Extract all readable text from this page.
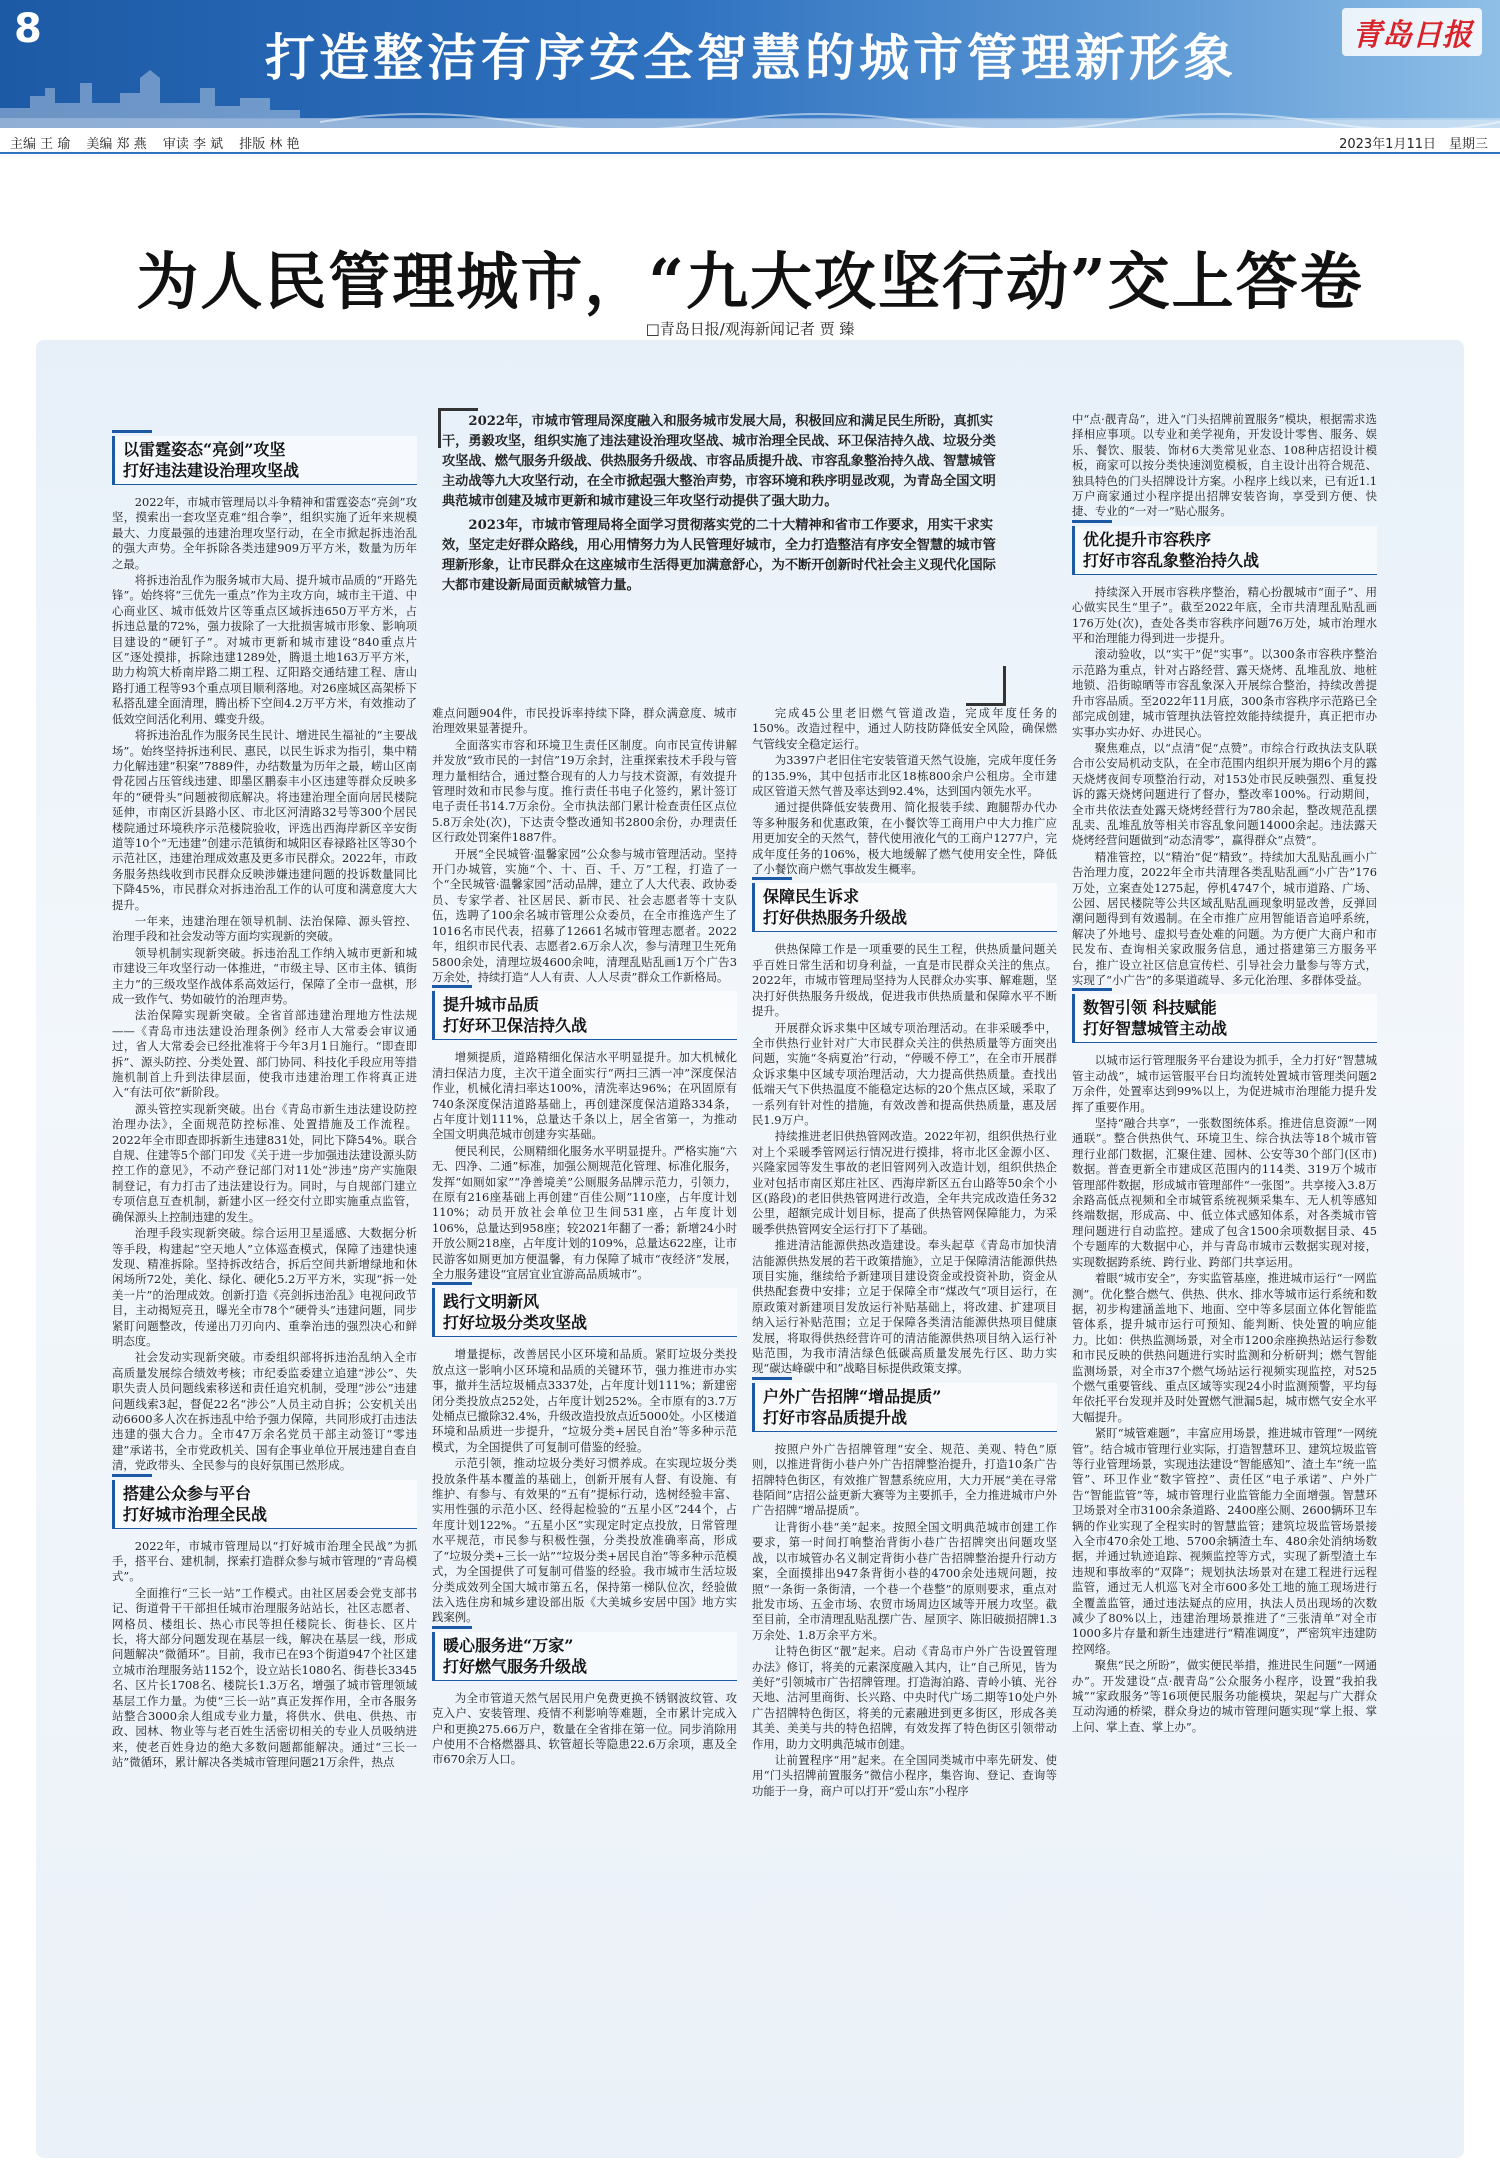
8	打造整洁有序安全智慧的城市管理新形象	青岛日报
主编 王 瑜 美编 郑 燕 审读 李 斌 排版 林 艳	2023年1月11日　星期三
为人民管理城市，“九大攻坚行动”交上答卷
□青岛日报/观海新闻记者 贾 臻

2022年，市城市管理局深度融入和服务城市发展大局，积极回应和满足民生所盼，真抓实干，勇毅攻坚，组织实施了违法建设治理攻坚战、城市治理全民战、环卫保洁持久战、垃圾分类攻坚战、燃气服务升级战、供热服务升级战、市容品质提升战、市容乱象整治持久战、智慧城管主动战等九大攻坚行动，在全市掀起强大整治声势，市容环境和秩序明显改观，为青岛全国文明典范城市创建及城市更新和城市建设三年攻坚行动提供了强大助力。

2023年，市城市管理局将全面学习贯彻落实党的二十大精神和省市工作要求，用实干求实效，坚定走好群众路线，用心用情努力为人民管理好城市，全力打造整洁有序安全智慧的城市管理新形象，让市民群众在这座城市生活得更加满意舒心，为不断开创新时代社会主义现代化国际大都市建设新局面贡献城管力量。

以雷霆姿态“亮剑”攻坚
打好违法建设治理攻坚战

2022年，市城市管理局以斗争精神和雷霆姿态“亮剑”攻坚，摸索出一套攻坚克难“组合拳”，组织实施了近年来规模最大、力度最强的违建治理攻坚行动，在全市掀起拆违治乱的强大声势。全年拆除各类违建909万平方米，数量为历年之最。

将拆违治乱作为服务城市大局、提升城市品质的“开路先锋”。始终将“三优先一重点”作为主攻方向，城市主干道、中心商业区、城市低效片区等重点区域拆违650万平方米，占拆违总量的72%，强力拔除了一大批损害城市形象、影响项目建设的“硬钉子”。对城市更新和城市建设“840重点片区”逐处摸排，拆除违建1289处，腾退土地163万平方米，助力构筑大桥南岸路二期工程、辽阳路交通结建工程、唐山路打通工程等93个重点项目顺利落地。对26座城区高架桥下私搭乱建全面清理，腾出桥下空间4.2万平方米，有效推动了低效空间活化利用、蝶变升级。

将拆违治乱作为服务民生民计、增进民生福祉的“主要战场”。始终坚持拆违利民、惠民，以民生诉求为指引，集中精力化解违建“积案”7889件，办结数量为历年之最，崂山区南骨花园占压管线违建、即墨区鹏泰丰小区违建等群众反映多年的“硬骨头”问题被彻底解决。将违建治理全面向居民楼院延伸，市南区沂县路小区、市北区河清路32号等300个居民楼院通过环境秩序示范楼院验收，评选出西海岸新区辛安街道等10个“无违建”创建示范镇街和城阳区春禄路社区等30个示范社区，违建治理成效惠及更多市民群众。2022年，市政务服务热线收到市民群众反映涉嫌违建问题的投诉数量同比下降45%，市民群众对拆违治乱工作的认可度和满意度大大提升。

一年来，违建治理在领导机制、法治保障、源头管控、治理手段和社会发动等方面均实现新的突破。

领导机制实现新突破。拆违治乱工作纳入城市更新和城市建设三年攻坚行动一体推进，“市级主导、区市主体、镇街主力”的三级攻坚作战体系高效运行，保障了全市一盘棋，形成一致作气、势如破竹的治理声势。

法治保障实现新突破。全省首部违建治理地方性法规——《青岛市违法建设治理条例》经市人大常委会审议通过，省人大常委会已经批准将于今年3月1日施行。“即查即拆”、源头防控、分类处置、部门协同、科技化手段应用等措施机制首上升到法律层面，使我市违建治理工作将真正进入“有法可依”新阶段。

源头管控实现新突破。出台《青岛市新生违法建设防控治理办法》，全面规范防控标准、处置措施及工作流程。2022年全市即查即拆新生违建831处，同比下降54%。联合自规、住建等5个部门印发《关于进一步加强违法建设源头防控工作的意见》，不动产登记部门对11处“涉违”房产实施限制登记，有力打击了违法建设行为。同时，与自规部门建立专项信息互查机制，新建小区一经交付立即实施重点监管，确保源头上控制违建的发生。

治理手段实现新突破。综合运用卫星遥感、大数据分析等手段，构建起“空天地人”立体巡查模式，保障了违建快速发现、精准拆除。坚持拆改结合，拆后空间共新增绿地和休闲场所72处，美化、绿化、硬化5.2万平方米，实现“拆一处美一片”的治理成效。创新打造《亮剑拆违治乱》电视问政节目，主动揭短亮丑，曝光全市78个“硬骨头”违建问题，同步紧盯问题整改，传递出刀刃向内、重拳治违的强烈决心和鲜明态度。

社会发动实现新突破。市委组织部将拆违治乱纳入全市高质量发展综合绩效考核；市纪委监委建立追建“涉公”、失职失责人员问题线索移送和责任追究机制，受理“涉公”违建问题线索3起，督促22名“涉公”人员主动自拆；公安机关出动6600多人次在拆违乱中给予强力保障，共同形成打击违法违建的强大合力。全市47万余名党员干部主动签订“零违建”承诺书，全市党政机关、国有企事业单位开展违建自查自清，党政带头、全民参与的良好氛围已然形成。

搭建公众参与平台
打好城市治理全民战

2022年，市城市管理局以“打好城市治理全民战”为抓手，搭平台、建机制，探索打造群众参与城市管理的“青岛模式”。

全面推行“三长一站”工作模式。由社区居委会党支部书记、街道骨干干部担任城市治理服务站站长，社区志愿者、网格员、楼组长、热心市民等担任楼院长、街巷长、区片长，将大部分问题发现在基层一线，解决在基层一线，形成问题解决“微循环”。目前，我市已在93个街道947个社区建立城市治理服务站1152个，设立站长1080名、街巷长3345名、区片长1708名、楼院长1.3万名，增强了城市管理领域基层工作力量。为使“三长一站”真正发挥作用，全市各服务站整合3000余人组成专业力量，将供水、供电、供热、市政、园林、物业等与老百姓生活密切相关的专业人员吸纳进来，使老百姓身边的绝大多数问题都能解决。通过“三长一站”微循环，累计解决各类城市管理问题21万余件，热点

难点问题904件，市民投诉率持续下降，群众满意度、城市治理效果显著提升。

全面落实市容和环境卫生责任区制度。向市民宣传讲解并发放“致市民的一封信”19万余封，注重探索技术手段与管理力量相结合，通过整合现有的人力与技术资源，有效提升管理时效和市民参与度。推行责任书电子化签约，累计签订电子责任书14.7万余份。全市执法部门累计检查责任区点位5.8万余处(次)，下达责令整改通知书2800余份，办理责任区行政处罚案件1887件。

开展“全民城管·温馨家园”公众参与城市管理活动。坚持开门办城管，实施“个、十、百、千、万”工程，打造了一个“全民城管·温馨家园”活动品牌，建立了人大代表、政协委员、专家学者、社区居民、新市民、社会志愿者等十支队伍，选聘了100余名城市管理公众委员，在全市推选产生了1016名市民代表，招募了12661名城市管理志愿者。2022年，组织市民代表、志愿者2.6万余人次，参与清理卫生死角5800余处，清理垃圾4600余吨，清理乱贴乱画1万个广告3万余处，持续打造“人人有责、人人尽责”群众工作新格局。

提升城市品质
打好环卫保洁持久战

增频提质，道路精细化保洁水平明显提升。加大机械化清扫保洁力度，主次干道全面实行“两扫三洒一冲”深度保洁作业，机械化清扫率达100%，清洗率达96%；在巩固原有740条深度保洁道路基础上，再创建深度保洁道路334条，占年度计划111%，总量达千条以上，居全省第一，为推动全国文明典范城市创建夯实基础。

便民利民，公厕精细化服务水平明显提升。严格实施“六无、四净、二通”标准，加强公厕规范化管理、标准化服务，发挥“如厕如家”“净善境美”公厕服务品牌示范力，引领力，在原有216座基础上再创建“百佳公厕”110座，占年度计划110%；动员开放社会单位卫生间531座，占年度计划106%，总量达到958座；较2021年翻了一番；新增24小时开放公厕218座，占年度计划的109%，总量达622座，让市民游客如厕更加方便温馨，有力保障了城市“夜经济”发展，全力服务建设“宜居宜业宜游高品质城市”。

践行文明新风
打好垃圾分类攻坚战

增量提标，改善居民小区环境和品质。紧盯垃圾分类投放点这一影响小区环境和品质的关键环节，强力推进市办实事，撤并生活垃圾桶点3337处，占年度计划111%；新建密闭分类投放点252处，占年度计划252%。全市原有的3.7万处桶点已撤除32.4%，升级改造投放点近5000处。小区楼道环境和品质进一步提升，“垃圾分类+居民自治”等多种示范模式，为全国提供了可复制可借鉴的经验。

示范引领，推动垃圾分类好习惯养成。在实现垃圾分类投放条件基本覆盖的基础上，创新开展有人督、有设施、有维护、有参与、有效果的“五有”提标行动，选树经验丰富、实用性强的示范小区、经得起检验的“五星小区”244个，占年度计划122%。“五星小区”实现定时定点投放，日常管理水平规范，市民参与积极性强，分类投放准确率高，形成了“垃圾分类+三长一站”“垃圾分类+居民自治”等多种示范模式，为全国提供了可复制可借鉴的经验。我市城市生活垃圾分类成效列全国大城市第五名，保持第一梯队位次，经验做法入选住房和城乡建设部出版《大美城乡安居中国》地方实践案例。

暖心服务进“万家”
打好燃气服务升级战

为全市管道天然气居民用户免费更换不锈钢波纹管、攻克入户、安装管理、疫情不利影响等难题，全市累计完成入户和更换275.66万户，数量在全省排在第一位。同步消除用户使用不合格燃器具、软管超长等隐患22.6万余项，惠及全市670余万人口。

完成45公里老旧燃气管道改造，完成年度任务的150%。改造过程中，通过人防技防降低安全风险，确保燃气管线安全稳定运行。

为3397户老旧住宅安装管道天然气设施，完成年度任务的135.9%，其中包括市北区18栋800余户公租房。全市建成区管道天然气普及率达到92.4%，达到国内领先水平。

通过提供降低安装费用、简化报装手续、跑腿帮办代办等多种服务和优惠政策，在小餐饮等工商用户中大力推广应用更加安全的天然气，替代使用液化气的工商户1277户，完成年度任务的106%，极大地缓解了燃气使用安全性，降低了小餐饮商户燃气事故发生概率。

保障民生诉求
打好供热服务升级战

供热保障工作是一项重要的民生工程，供热质量问题关乎百姓日常生活和切身利益，一直是市民群众关注的焦点。2022年，市城市管理局坚持为人民群众办实事、解难题，坚决打好供热服务升级战，促进我市供热质量和保障水平不断提升。

开展群众诉求集中区域专项治理活动。在非采暖季中，全市供热行业针对广大市民群众关注的供热质量等方面突出问题，实施“冬病夏治”行动，“停暖不停工”，在全市开展群众诉求集中区域专项治理活动，大力提高供热质量。查找出低端天气下供热温度不能稳定达标的20个焦点区域，采取了一系列有针对性的措施，有效改善和提高供热质量，惠及居民1.9万户。

持续推进老旧供热管网改造。2022年初，组织供热行业对上个采暖季管网运行情况进行摸排，将市北区金源小区、兴隆家园等发生事故的老旧管网列入改造计划，组织供热企业对包括市南区郑庄社区、西海岸新区五台山路等50余个小区(路段)的老旧供热管网进行改造，全年共完成改造任务32公里，超额完成计划目标，提高了供热管网保障能力，为采暖季供热管网安全运行打下了基础。

推进清洁能源供热改造建设。奉头起草《青岛市加快清洁能源供热发展的若干政策措施》，立足于保障清洁能源供热项目实施，继续给予新建项目建设资金或投资补助，资金从供热配套费中安排；立足于保障全市“煤改气”项目运行，在原政策对新建项目发放运行补贴基础上，将改建、扩建项目纳入运行补贴范围；立足于保障各类清洁能源供热项目健康发展，将取得供热经营许可的清洁能源供热项目纳入运行补贴范围，为我市清洁绿色低碳高质量发展先行区、助力实现“碳达峰碳中和”战略目标提供政策支撑。

户外广告招牌“增品提质”
打好市容品质提升战

按照户外广告招牌管理“安全、规范、美观、特色”原则，以推进背街小巷户外广告招牌整治提升，打造10条广告招牌特色街区，有效推广智慧系统应用，大力开展“美在寻常巷陌间”店招公益更新大赛等为主要抓手，全力推进城市户外广告招牌“增品提质”。

让背街小巷“美”起来。按照全国文明典范城市创建工作要求，第一时间打响整治背街小巷广告招牌突出问题攻坚战，以市城管办名义制定背街小巷广告招牌整治提升行动方案，全面摸排出947条背街小巷的4700余处违规问题，按照“一条街一条街清，一个巷一个巷整”的原则要求，重点对批发市场、五金市场、农贸市场周边区域等开展力攻坚。截至目前，全市清理乱贴乱摆广告、屋顶字、陈旧破损招牌1.3万余处、1.8万余平方米。

让特色街区“靓”起来。启动《青岛市户外广告设置管理办法》修订，将美的元素深度融入其内，让“自己所见，皆为美好”引领城市广告招牌管理。打造海泊路、青岭小镇、光谷天地、沽河里商街、长兴路、中央时代广场二期等10处户外广告招牌特色街区，将美的元素融进到更多街区，形成各美其美、美美与共的特色招牌，有效发挥了特色街区引领带动作用，助力文明典范城市创建。

让前置程序“用”起来。在全国同类城市中率先研发、使用“门头招牌前置服务”微信小程序，集咨询、登记、查询等功能于一身，商户可以打开“爱山东”小程序

中“点·靓青岛”，进入“门头招牌前置服务”模块，根据需求选择相应事项。以专业和美学视角，开发设计零售、服务、娱乐、餐饮、服装、饰材6大类常见业态、108种店招设计模板，商家可以按分类快速浏览模板，自主设计出符合规范、独具特色的门头招牌设计方案。小程序上线以来，已有近1.1万户商家通过小程序提出招牌安装咨询，享受到方便、快捷、专业的“一对一”贴心服务。

优化提升市容秩序
打好市容乱象整治持久战

持续深入开展市容秩序整治，精心扮靓城市“面子”、用心做实民生“里子”。截至2022年底，全市共清理乱贴乱画176万处(次)，查处各类市容秩序问题76万处，城市治理水平和治理能力得到进一步提升。

滚动验收，以“实干”促“实事”。以300条市容秩序整治示范路为重点，针对占路经营、露天烧烤、乱堆乱放、地桩地锁、沿街晾晒等市容乱象深入开展综合整治，持续改善提升市容品质。至2022年11月底，300条市容秩序示范路已全部完成创建，城市管理执法管控效能持续提升，真正把市办实事办实办好、办进民心。

聚焦难点，以“点清”促“点赞”。市综合行政执法支队联合市公安局机动支队，在全市范围内组织开展为期6个月的露天烧烤夜间专项整治行动，对153处市民反映强烈、重复投诉的露天烧烤问题进行了督办，整改率100%。行动期间，全市共依法查处露天烧烤经营行为780余起，整改规范乱摆乱卖、乱堆乱放等相关市容乱象问题14000余起。违法露天烧烤经营问题做到“动态清零”，赢得群众“点赞”。

精准管控，以“精治”促“精致”。持续加大乱贴乱画小广告治理力度，2022年全市共清理各类乱贴乱画“小广告”176万处，立案查处1275起，停机4747个，城市道路、广场、公园、居民楼院等公共区域乱贴乱画现象明显改善，反弹回潮问题得到有效遏制。在全市推广应用智能语音追呼系统，解决了外地号、虚拟号查处难的问题。为方便广大商户和市民发布、查询相关家政服务信息，通过搭建第三方服务平台，推广设立社区信息宣传栏、引导社会力量参与等方式，实现了“小广告”的多渠道疏导、多元化治理、多群体受益。

数智引领 科技赋能
打好智慧城管主动战

以城市运行管理服务平台建设为抓手，全力打好“智慧城管主动战”，城市运管服平台日均流转处置城市管理类问题2万余件，处置率达到99%以上，为促进城市治理能力提升发挥了重要作用。

坚持“融合共享”，一张数图统体系。推进信息资源“一网通联”。整合供热供气、环境卫生、综合执法等18个城市管理行业部门数据，汇聚住建、园林、公安等30个部门(区市)数据。普查更新全市建成区范围内的114类、319万个城市管理部件数据，形成城市管理部件“一张图”。共享接入3.8万余路高低点视频和全市城管系统视频采集车、无人机等感知终端数据，形成高、中、低立体式感知体系，对各类城市管理问题进行自动监控。建成了包含1500余项数据目录、45个专题库的大数据中心，并与青岛市城市云数据实现对接，实现数据跨系统、跨行业、跨部门共享运用。

着眼“城市安全”，夯实监管基座，推进城市运行“一网监测”。优化整合燃气、供热、供水、排水等城市运行系统和数据，初步构建涵盖地下、地面、空中等多层面立体化智能监管体系，提升城市运行可预知、能判断、快处置的响应能力。比如：供热监测场景，对全市1200余座换热站运行参数和市民反映的供热问题进行实时监测和分析研判；燃气智能监测场景，对全市37个燃气场站运行视频实现监控，对525个燃气重要管线、重点区域等实现24小时监测预警，平均每年依托平台发现并及时处置燃气泄漏5起，城市燃气安全水平大幅提升。

紧盯“城管难题”，丰富应用场景，推进城市管理“一网统管”。结合城市管理行业实际，打造智慧环卫、建筑垃圾监管等行业管理场景，实现违法建设“智能感知”、渣土车“统一监管”、环卫作业“数字管控”、责任区“电子承诺”、户外广告“智能监管”等，城市管理行业监管能力全面增强。智慧环卫场景对全市3100余条道路、2400座公厕、2600辆环卫车辆的作业实现了全程实时的智慧监管；建筑垃圾监管场景接入全市470余处工地、5700余辆渣土车、480余处消纳场数据，并通过轨迹追踪、视频监控等方式，实现了新型渣土车违规和事故率的“双降”；规划执法场景对在建工程进行远程监管，通过无人机巡飞对全市600多处工地的施工现场进行全覆盖监管，通过违法疑点的应用，执法人员出现场的次数减少了80%以上，违建治理场景推进了“三张清单”对全市1000多片存量和新生违建进行“精准调度”，严密筑牢违建防控网络。

聚焦“民之所盼”，做实便民举措，推进民生问题“一网通办”。开发建设“点·靓青岛”公众服务小程序，设置“我拍我城”“家政服务”等16项便民服务功能模块，架起与广大群众互动沟通的桥梁，群众身边的城市管理问题实现“掌上报、掌上问、掌上查、掌上办”。
